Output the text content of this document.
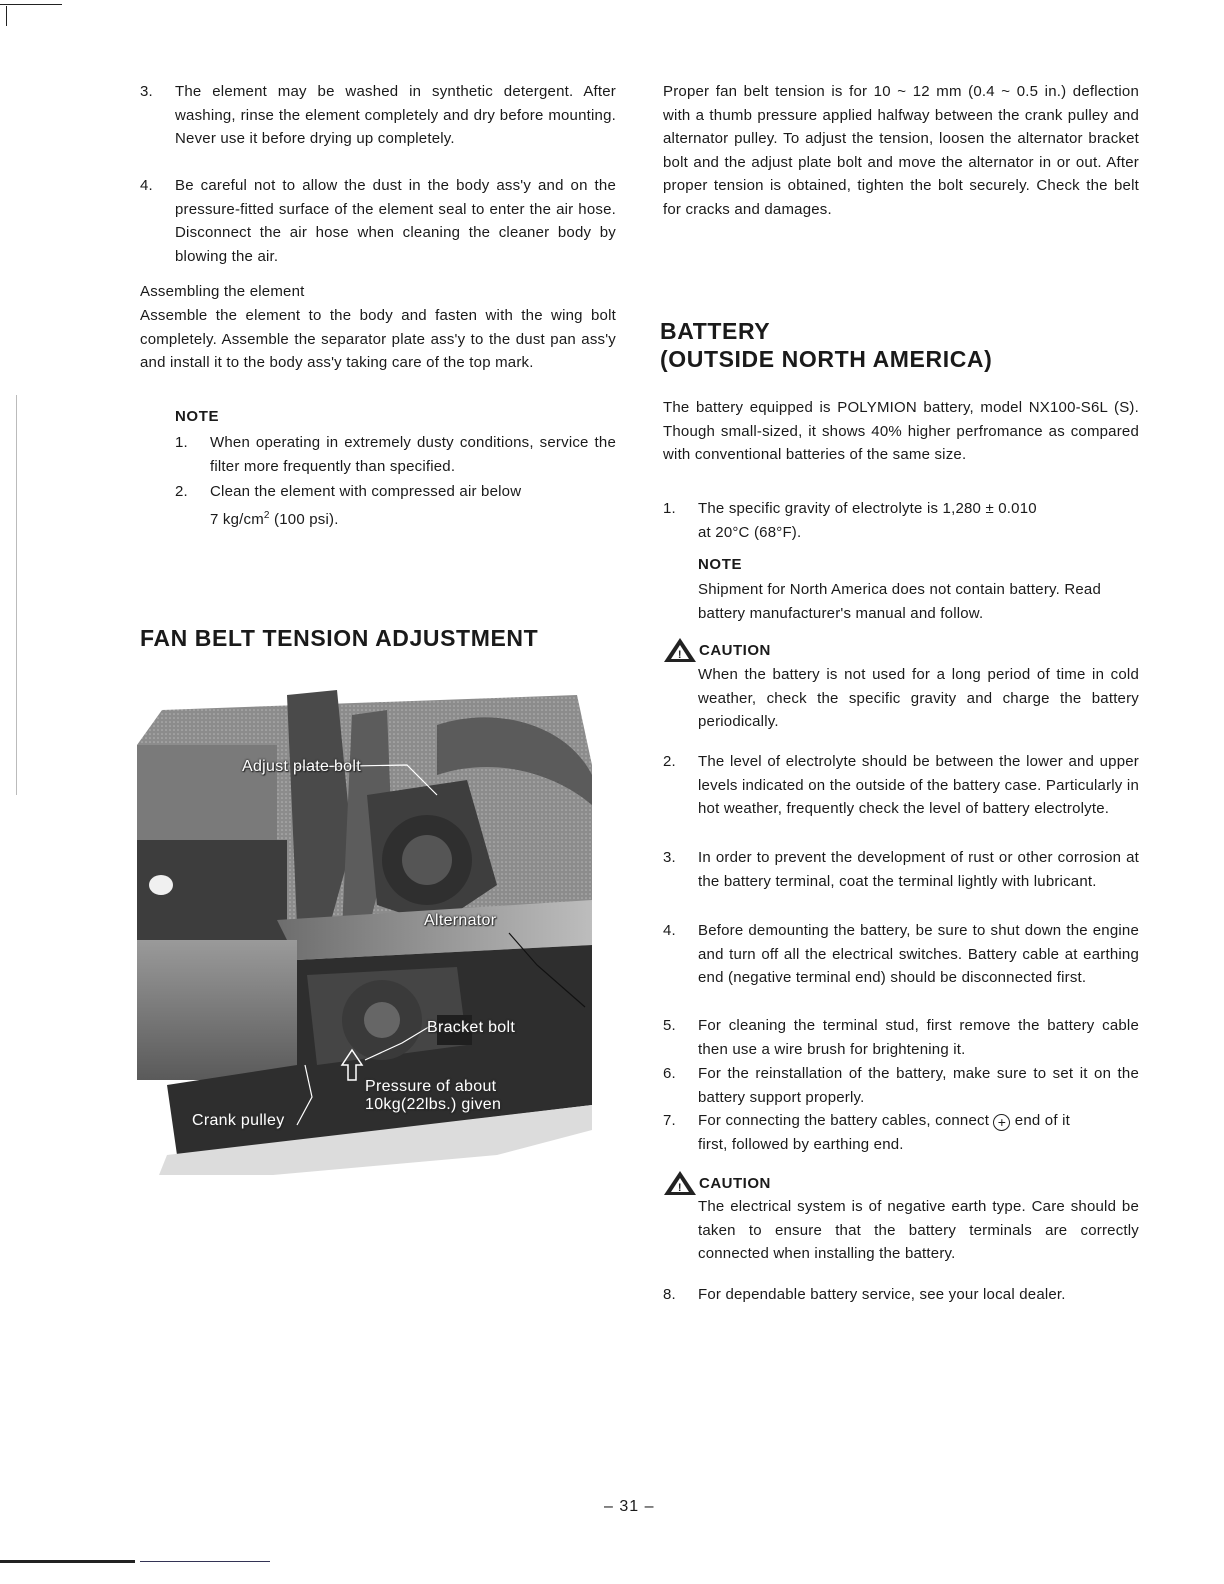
3. The element may be washed in synthetic detergent. After washing, rinse the element completely and dry before mounting. Never use it before drying up completely.
4. Be careful not to allow the dust in the body ass'y and on the pressure-fitted surface of the element seal to enter the air hose. Disconnect the air hose when cleaning the cleaner body by blowing the air.
Assembling the element
Assemble the element to the body and fasten with the wing bolt completely. Assemble the separator plate ass'y to the dust pan ass'y and install it to the body ass'y taking care of the top mark.
NOTE
1. When operating in extremely dusty conditions, service the filter more frequently than specified.
2. Clean the element with compressed air below
7 $kg/cm^2$ (100 psi).
FAN BELT TENSION ADJUSTMENT
Adjust plate bolt
Alternator
Bracket bolt
Pressure of about
10kg(22lbs.) given
Crank pulley
Proper fan belt tension is for 10 ~ 12 mm (0.4 ~ 0.5 in.) deflection with a thumb pressure applied halfway between the crank pulley and alternator pulley. To adjust the tension, loosen the alternator bracket bolt and the adjust plate bolt and move the alternator in or out. After proper tension is obtained, tighten the bolt securely. Check the belt for cracks and damages.
BATTERY
(OUTSIDE NORTH AMERICA)
The battery equipped is POLYMION battery, model NX100-S6L (S). Though small-sized, it shows 40% higher perfromance as compared with conventional batteries of the same size.
1. The specific gravity of electrolyte is 1,280 ± 0.010
at 20°C (68°F).
NOTE
Shipment for North America does not contain battery. Read battery manufacturer's manual and follow.
! CAUTION
When the battery is not used for a long period of time in cold weather, check the specific gravity and charge the battery periodically.
2. The level of electrolyte should be between the lower and upper levels indicated on the outside of the battery case. Particularly in hot weather, frequently check the level of battery electrolyte.
3. In order to prevent the development of rust or other corrosion at the battery terminal, coat the terminal lightly with lubricant.
4. Before demounting the battery, be sure to shut down the engine and turn off all the electrical switches. Battery cable at earthing end (negative terminal end) should be disconnected first.
5. For cleaning the terminal stud, first remove the battery cable then use a wire brush for brightening it.
6. For the reinstallation of the battery, make sure to set it on the battery support properly.
7. For connecting the battery cables, connect + end of it
first, followed by earthing end.
! CAUTION
The electrical system is of negative earth type. Care should be taken to ensure that the battery terminals are correctly connected when installing the battery.
8. For dependable battery service, see your local dealer.
– 31 –
